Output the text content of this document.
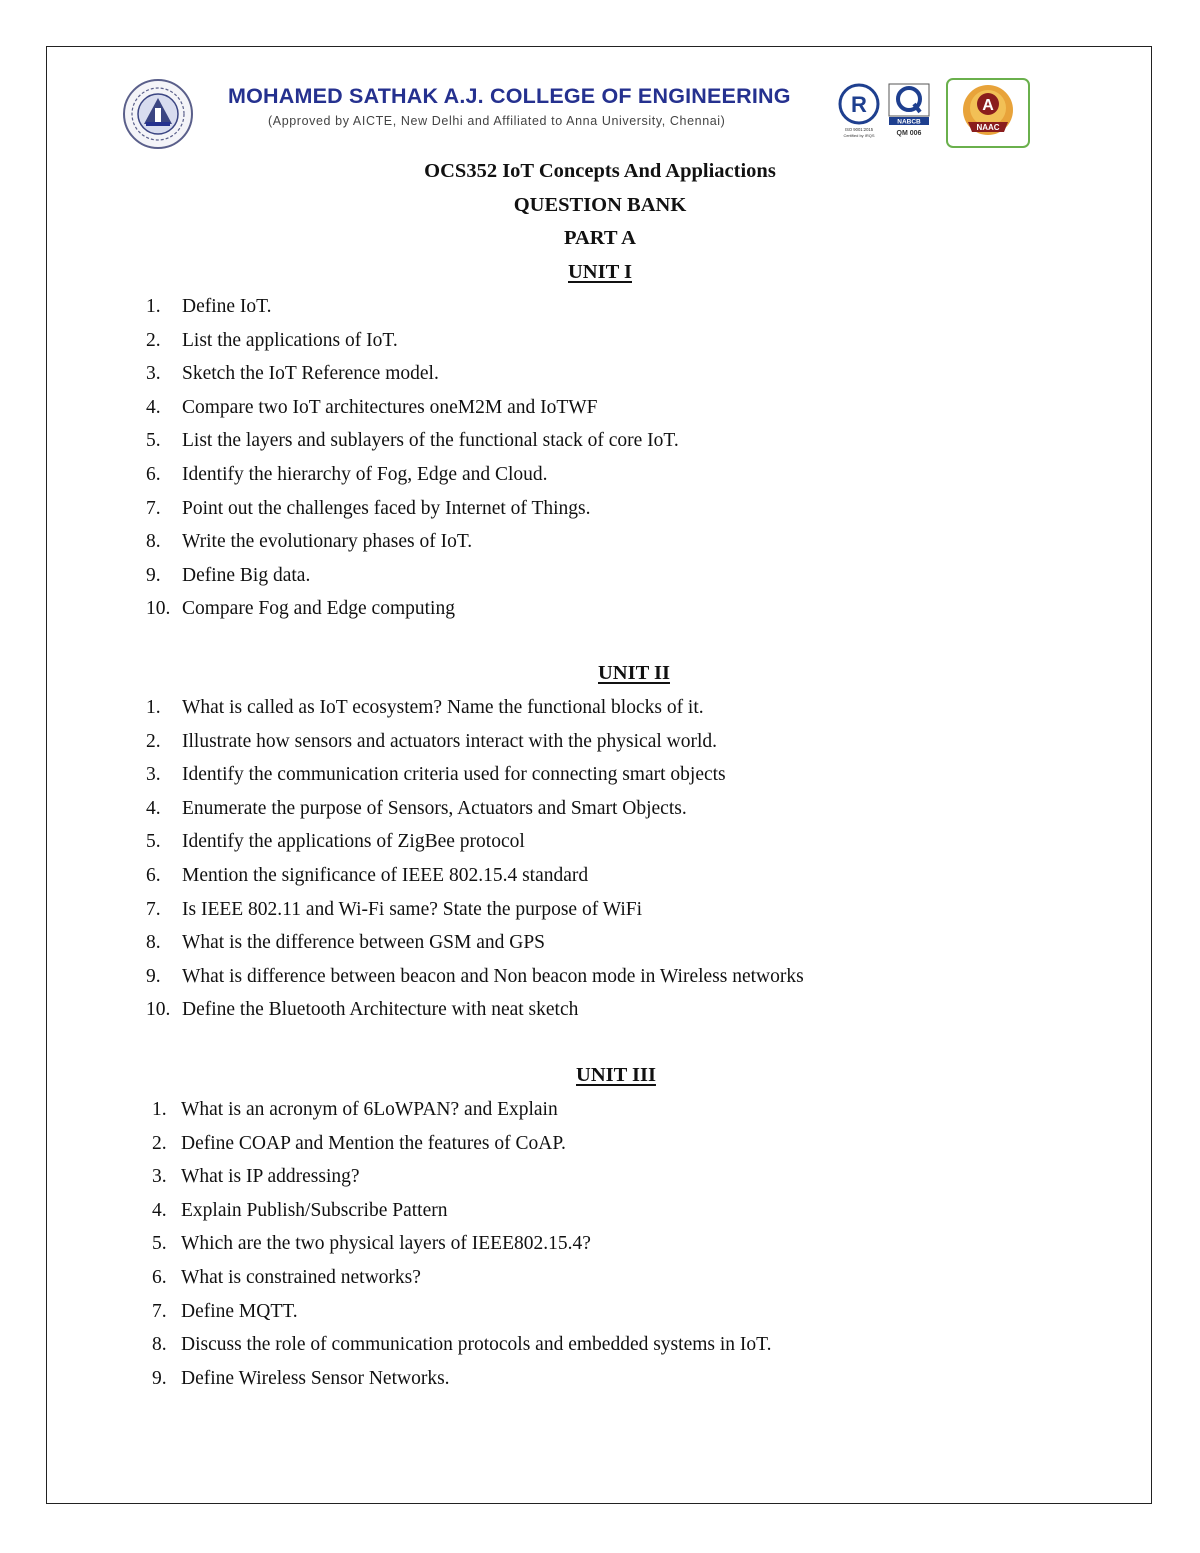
MOHAMED SATHAK A.J. COLLEGE OF ENGINEERING
(Approved by AICTE, New Delhi and Affiliated to Anna University, Chennai)
R
ISO 9001:2015
Certified by IRQS
NABCB
QM 006
A
NAAC
OCS352 IoT Concepts And Appliactions
QUESTION BANK
PART A
UNIT I
1. Define IoT.
2. List the applications of IoT.
3. Sketch the IoT Reference model.
4. Compare two IoT architectures oneM2M and IoTWF
5. List the layers and sublayers of the functional stack of core IoT.
6. Identify the hierarchy of Fog, Edge and Cloud.
7. Point out the challenges faced by Internet of Things.
8. Write the evolutionary phases of IoT.
9. Define Big data.
10. Compare Fog and Edge computing
UNIT II
1. What is called as IoT ecosystem? Name the functional blocks of it.
2. Illustrate how sensors and actuators interact with the physical world.
3. Identify the communication criteria used for connecting smart objects
4. Enumerate the purpose of Sensors, Actuators and Smart Objects.
5. Identify the applications of ZigBee protocol
6. Mention the significance of IEEE 802.15.4 standard
7. Is IEEE 802.11 and Wi-Fi same? State the purpose of WiFi
8. What is the difference between GSM and GPS
9. What is difference between beacon and Non beacon mode in Wireless networks
10. Define the Bluetooth Architecture with neat sketch
UNIT III
1. What is an acronym of 6LoWPAN? and Explain
2. Define COAP and Mention the features of CoAP.
3. What is IP addressing?
4. Explain Publish/Subscribe Pattern
5. Which are the two physical layers of IEEE802.15.4?
6. What is constrained networks?
7. Define MQTT.
8. Discuss the role of communication protocols and embedded systems in IoT.
9. Define Wireless Sensor Networks.
